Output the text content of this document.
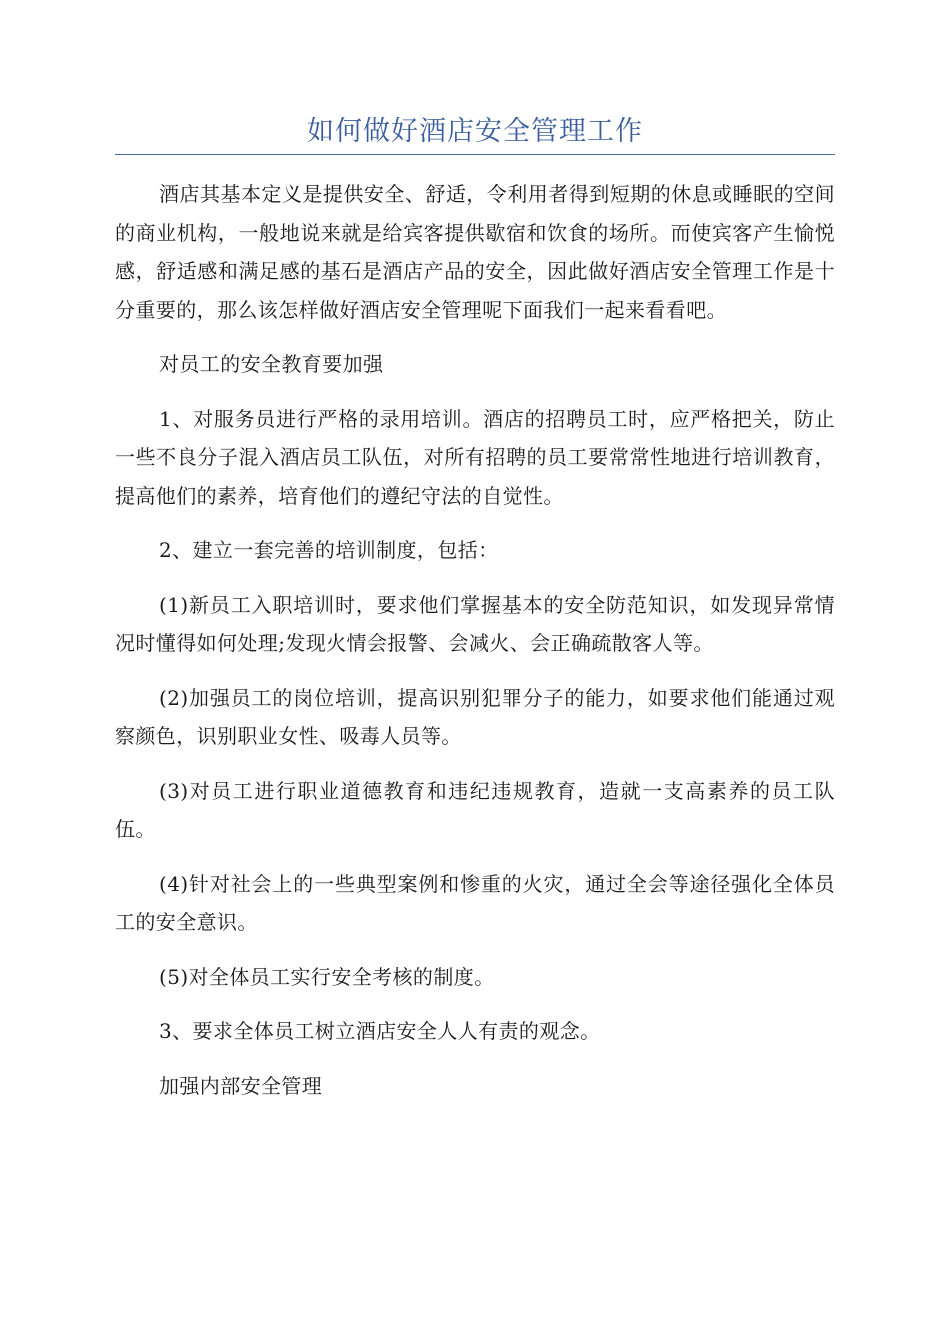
如何做好酒店安全管理工作

酒店其基本定义是提供安全、舒适，令利用者得到短期的休息或睡眠的空间的商业机构，一般地说来就是给宾客提供歇宿和饮食的场所。而使宾客产生愉悦感，舒适感和满足感的基石是酒店产品的安全，因此做好酒店安全管理工作是十分重要的，那么该怎样做好酒店安全管理呢下面我们一起来看看吧。

对员工的安全教育要加强

1、对服务员进行严格的录用培训。酒店的招聘员工时，应严格把关，防止一些不良分子混入酒店员工队伍，对所有招聘的员工要常常性地进行培训教育，提高他们的素养，培育他们的遵纪守法的自觉性。

2、建立一套完善的培训制度，包括：

(1)新员工入职培训时，要求他们掌握基本的安全防范知识，如发现异常情况时懂得如何处理;发现火情会报警、会减火、会正确疏散客人等。

(2)加强员工的岗位培训，提高识别犯罪分子的能力，如要求他们能通过观察颜色，识别职业女性、吸毒人员等。

(3)对员工进行职业道德教育和违纪违规教育，造就一支高素养的员工队伍。

(4)针对社会上的一些典型案例和惨重的火灾，通过全会等途径强化全体员工的安全意识。

(5)对全体员工实行安全考核的制度。

3、要求全体员工树立酒店安全人人有责的观念。

加强内部安全管理
